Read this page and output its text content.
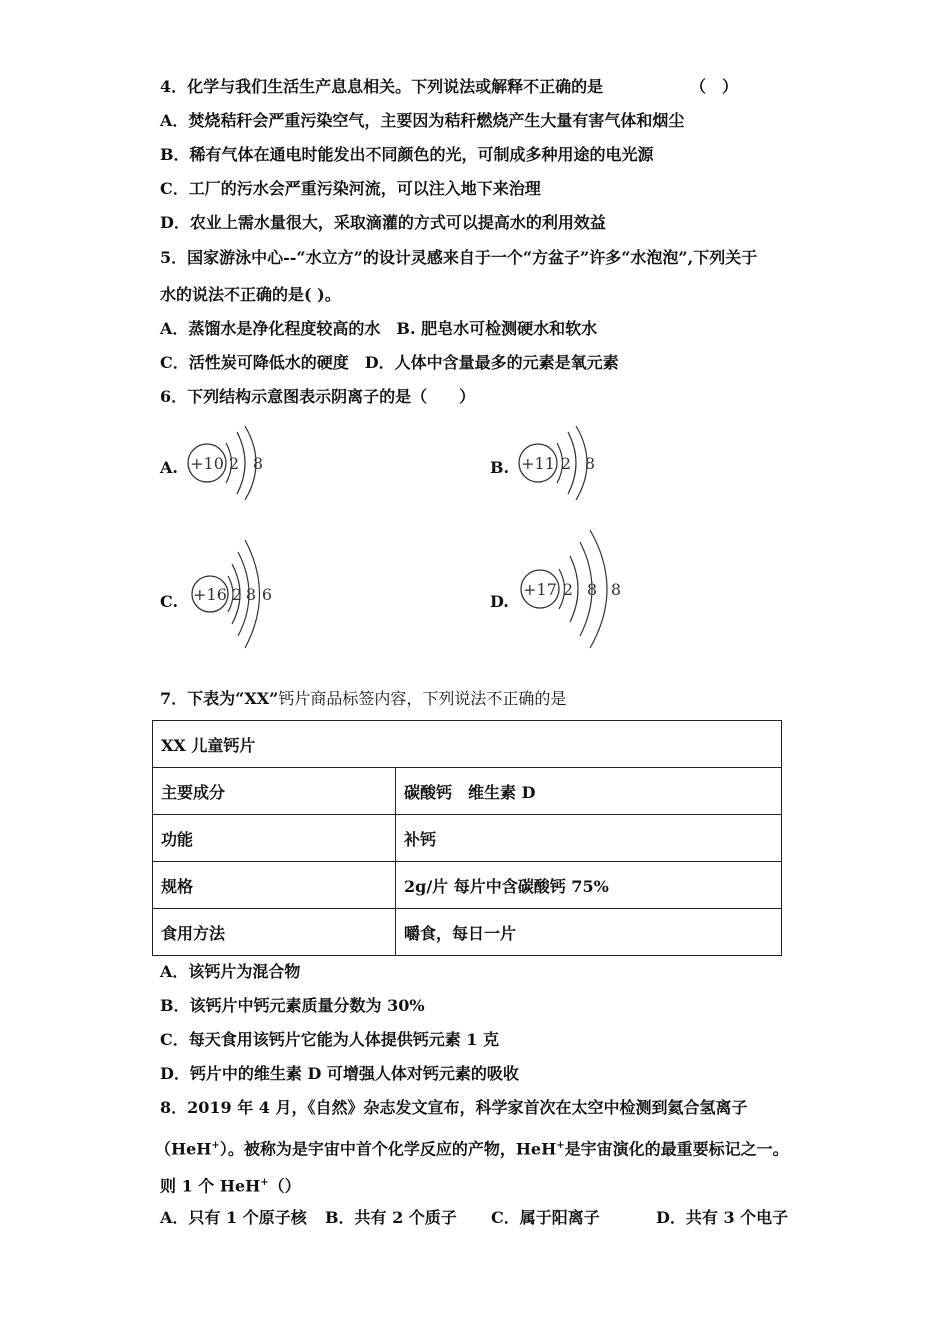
4．化学与我们生活生产息息相关。下列说法或解释不正确的是	（　）
A．焚烧秸秆会严重污染空气，主要因为秸秆燃烧产生大量有害气体和烟尘
B．稀有气体在通电时能发出不同颜色的光，可制成多种用途的电光源
C．工厂的污水会严重污染河流，可以注入地下来治理
D．农业上需水量很大，采取滴灌的方式可以提高水的利用效益
5．国家游泳中心--“水立方”的设计灵感来自于一个“方盆子”许多“水泡泡”,下列关于
水的说法不正确的是( )。
A．蒸馏水是净化程度较高的水　B. 肥皂水可检测硬水和软水
C．活性炭可降低水的硬度　D．人体中含量最多的元素是氧元素
6．下列结构示意图表示阴离子的是（　　）
A. +10 2 8	B. +11 2 8
C. +16 2 8 6	D.
+17 2 8 8
7．下表为“XX”钙片商品标签内容，下列说法不正确的是
XX 儿童钙片	
主要成分	碳酸钙　维生素 D
功能	补钙
规格	2g/片 每片中含碳酸钙 75%
食用方法	嚼食，每日一片
A．该钙片为混合物
B．该钙片中钙元素质量分数为 30%
C．每天食用该钙片它能为人体提供钙元素 1 克
D．钙片中的维生素 D 可增强人体对钙元素的吸收
8．2019 年 4 月，《自然》杂志发文宣布，科学家首次在太空中检测到氦合氢离子
（HeH+）。被称为是宇宙中首个化学反应的产物，HeH+是宇宙演化的最重要标记之一。
则 1 个 HeH+（）
A．只有 1 个原子核 B．共有 2 个质子 C．属于阳离子	D．共有 3 个电子
